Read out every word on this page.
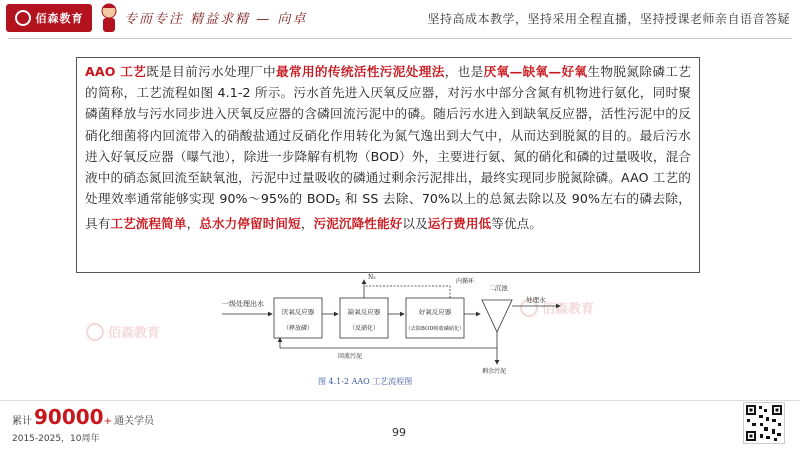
佰森教育	专而专注 精益求精 — 向卓	坚持高成本教学，坚持采用全程直播，坚持授课老师亲自语音答疑
佰森教育
佰森教育

AAO 工艺既是目前污水处理厂中最常用的传统活性污泥处理法，也是厌氧—缺氧—好氧生物脱氮除磷工艺的简称，工艺流程如图 4.1-2 所示。污水首先进入厌氧反应器，对污水中部分含氮有机物进行氨化，同时聚磷菌释放与污水同步进入厌氧反应器的含磷回流污泥中的磷。随后污水进入到缺氧反应器，活性污泥中的反硝化细菌将内回流带入的硝酸盐通过反硝化作用转化为氮气逸出到大气中，从而达到脱氮的目的。最后污水进入好氧反应器（曝气池），除进一步降解有机物（BOD）外，主要进行氨、氮的硝化和磷的过量吸收，混合液中的硝态氮回流至缺氧池，污泥中过量吸收的磷通过剩余污泥排出，最终实现同步脱氮除磷。AAO 工艺的处理效率通常能够实现 90%～95%的 $BOD_5$ 和 SS 去除、70%以上的总氮去除以及 90%左右的磷去除，具有工艺流程简单，总水力停留时间短，污泥沉降性能好以及运行费用低等优点。

一级处理出水
厌氧反应器
（释放磷）
缺氧反应器
（反硝化）
N₂
好氧反应器
（去除BOD吸收磷硝化）
内循环
二沉池
处理水
回流污泥
剩余污泥
图 4.1-2 AAO 工艺流程图
累计 90000 + 通关学员
2015-2025，10周年	99
